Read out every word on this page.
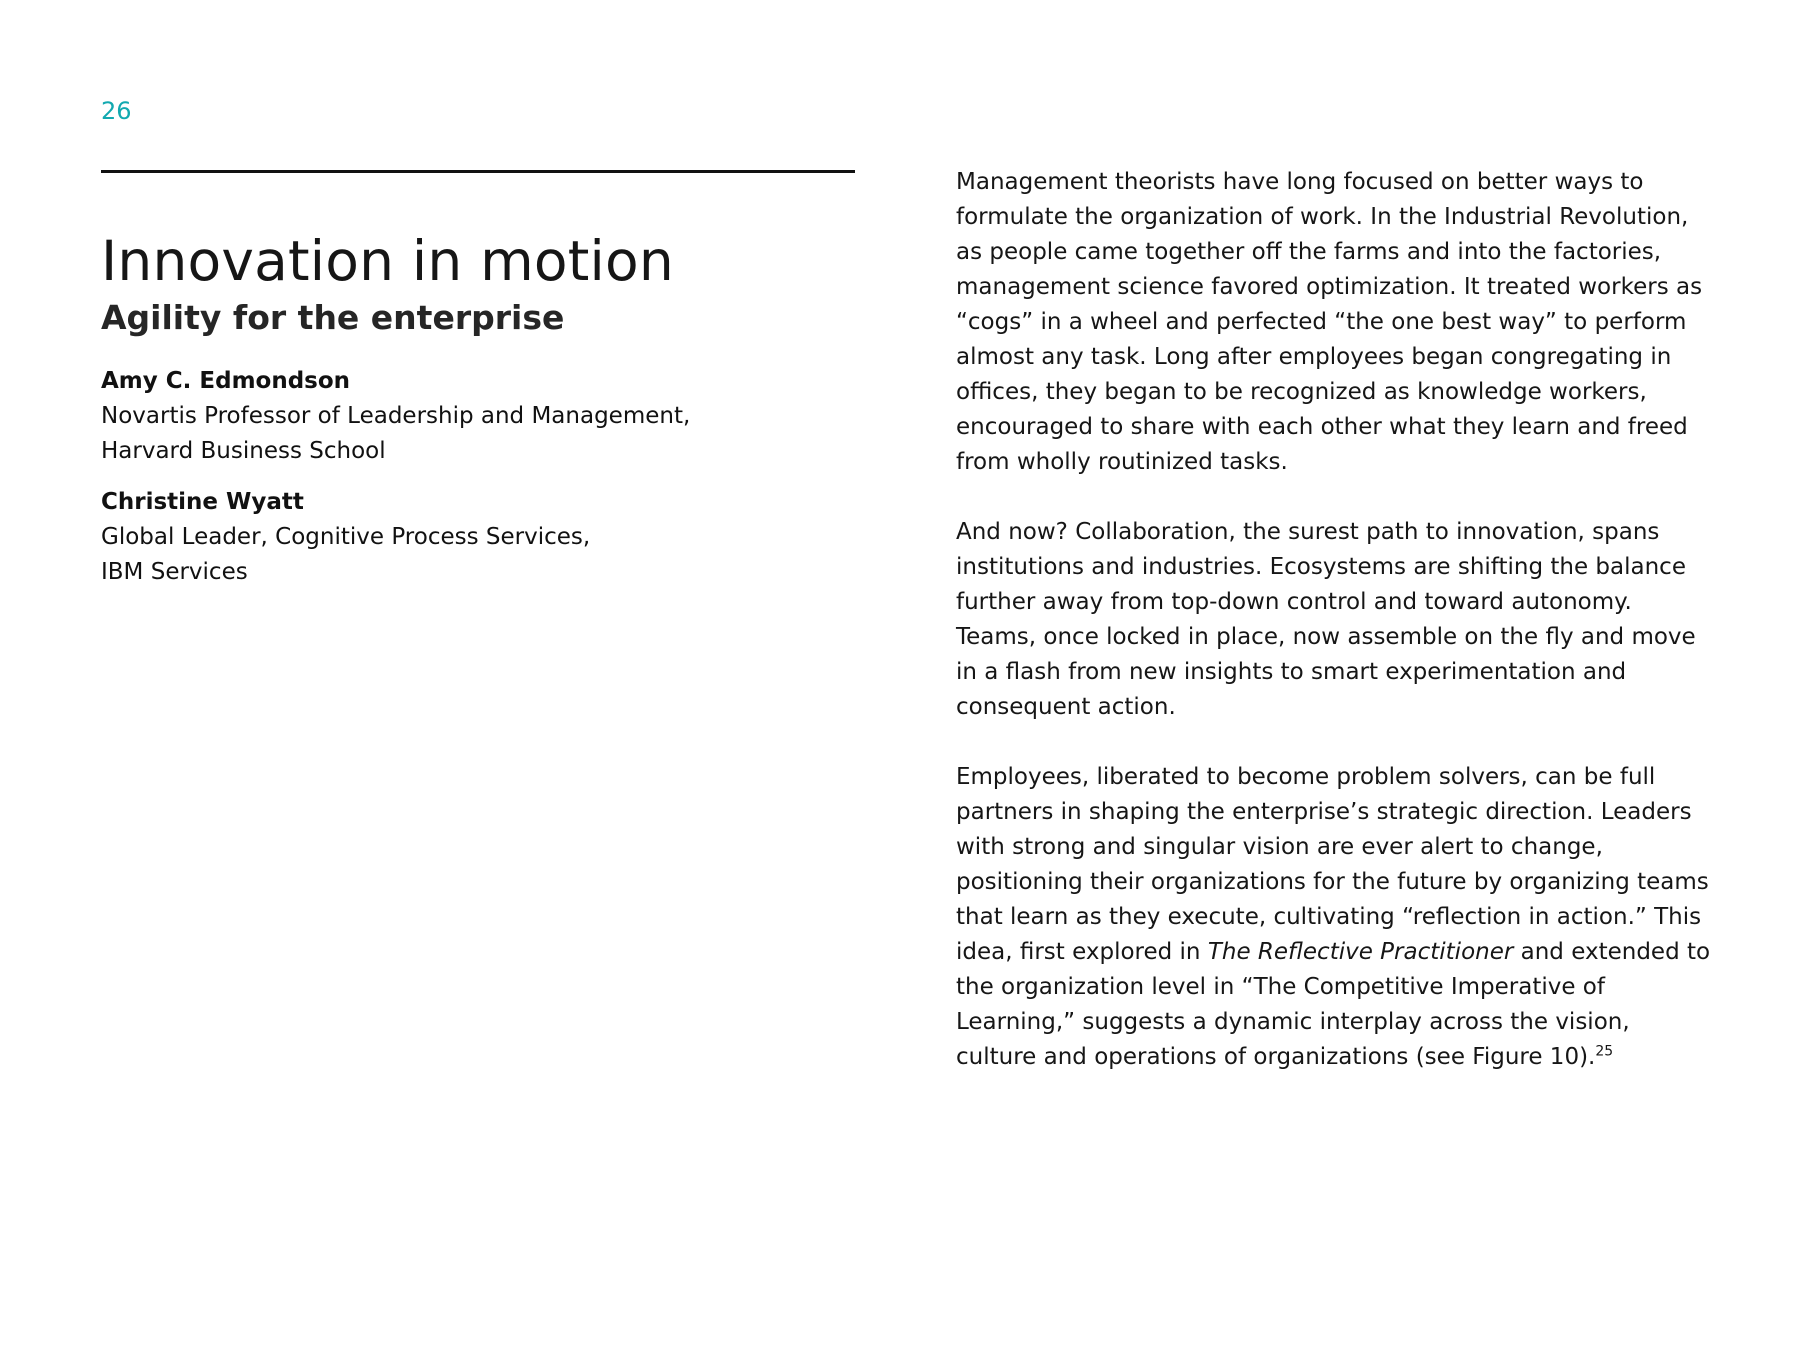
26
Innovation in motion
Agility for the enterprise
Amy C. Edmondson
Novartis Professor of Leadership and Management,
Harvard Business School
Christine Wyatt
Global Leader, Cognitive Process Services,
IBM Services

Management theorists have long focused on better ways to formulate the organization of work. In the Industrial Revolution, as people came together off the farms and into the factories, management science favored optimization. It treated workers as “cogs” in a wheel and perfected “the one best way” to perform almost any task. Long after employees began congregating in offices, they began to be recognized as knowledge workers, encouraged to share with each other what they learn and freed from wholly routinized tasks.

And now? Collaboration, the surest path to innovation, spans institutions and industries. Ecosystems are shifting the balance further away from top-down control and toward autonomy. Teams, once locked in place, now assemble on the fly and move in a flash from new insights to smart experimentation and consequent action.

Employees, liberated to become problem solvers, can be full partners in shaping the enterprise’s strategic direction. Leaders with strong and singular vision are ever alert to change, positioning their organizations for the future by organizing teams that learn as they execute, cultivating “reflection in action.” This idea, first explored in The Reflective Practitioner and extended to the organization level in “The Competitive Imperative of Learning,” suggests a dynamic interplay across the vision, culture and operations of organizations (see Figure 10).$^{25}$
